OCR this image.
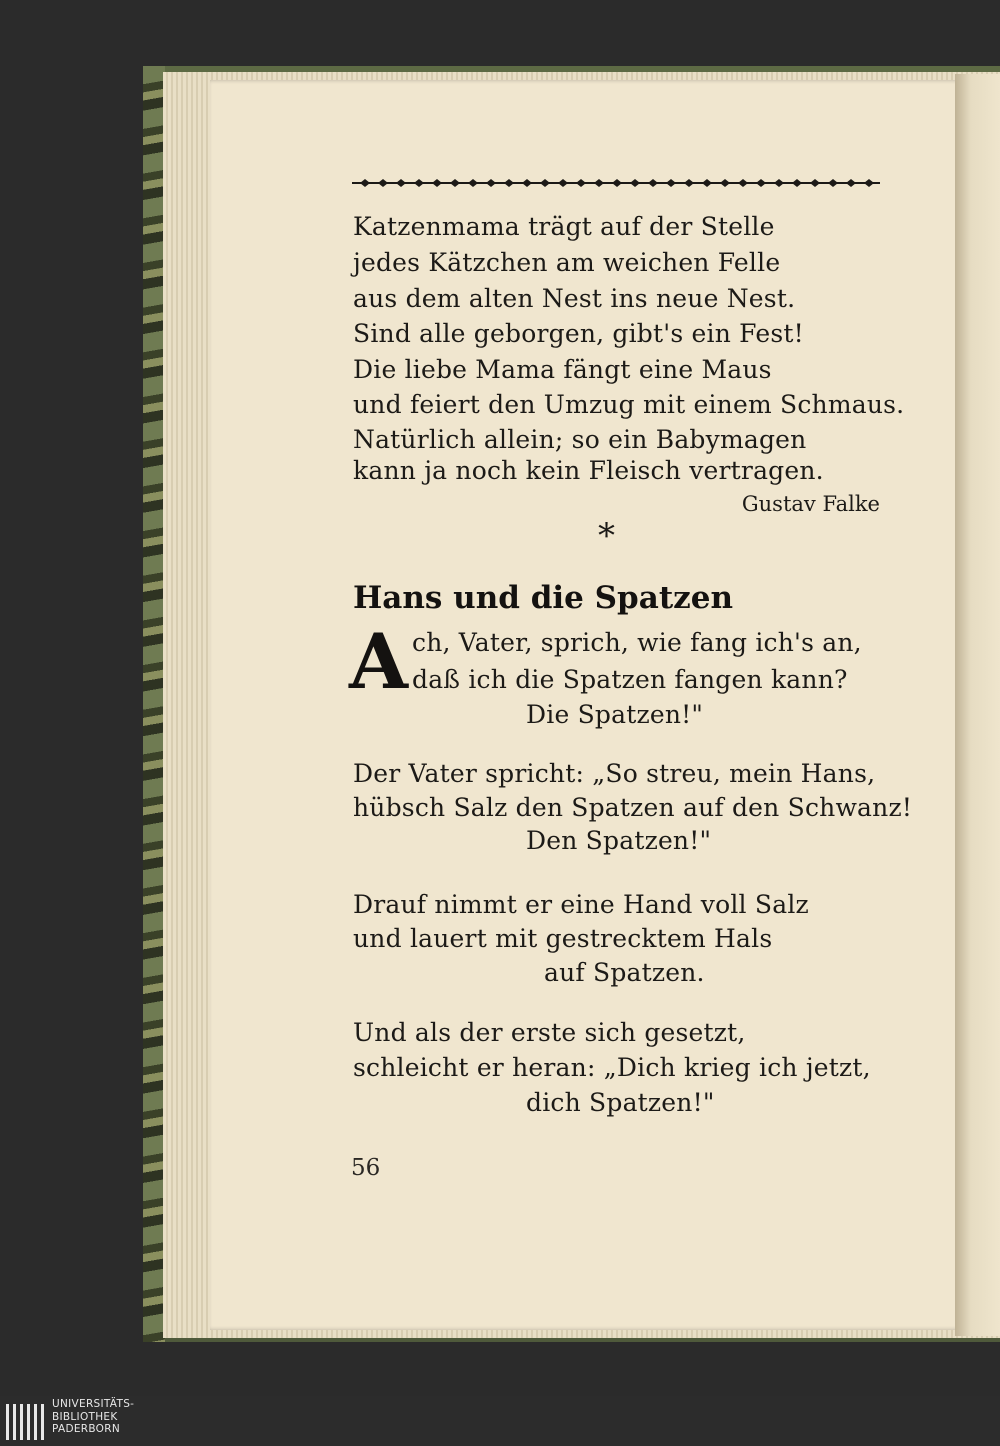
Katzenmama trägt auf der Stelle
jedes Kätzchen am weichen Felle
aus dem alten Nest ins neue Nest.
Sind alle geborgen, gibt's ein Fest!
Die liebe Mama fängt eine Maus
und feiert den Umzug mit einem Schmaus.
Natürlich allein; so ein Babymagen
kann ja noch kein Fleisch vertragen.
Gustav Falke
*
Hans und die Spatzen
A ch, Vater, sprich, wie fang ich's an,
daß ich die Spatzen fangen kann?
Die Spatzen!"
Der Vater spricht: „So streu, mein Hans,
hübsch Salz den Spatzen auf den Schwanz!
Den Spatzen!"
Drauf nimmt er eine Hand voll Salz
und lauert mit gestrecktem Hals
auf Spatzen.
Und als der erste sich gesetzt,
schleicht er heran: „Dich krieg ich jetzt,
dich Spatzen!"
56
UNIVERSITÄTS-
BIBLIOTHEK
PADERBORN
